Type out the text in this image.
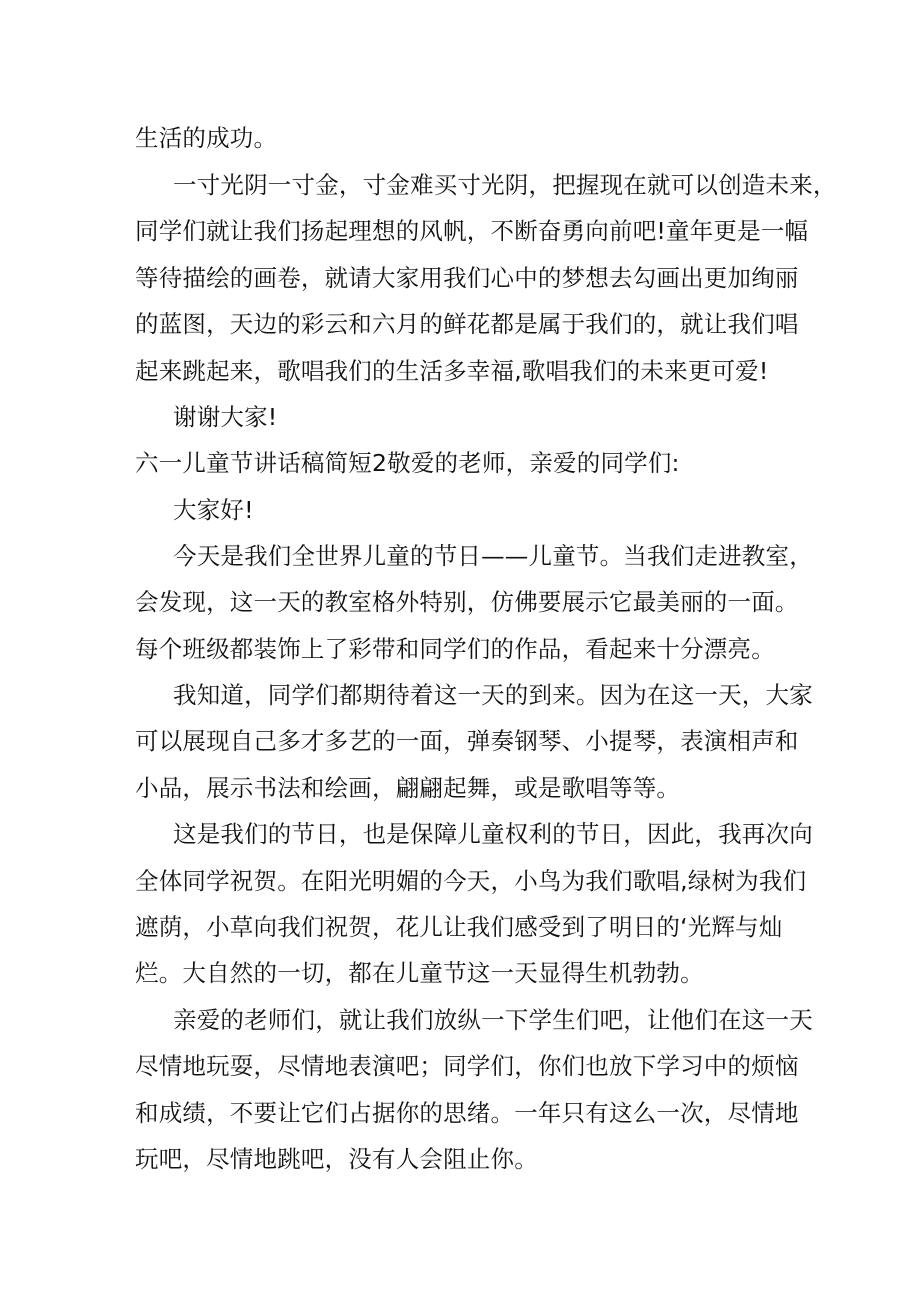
生活的成功。
一寸光阴一寸金，寸金难买寸光阴，把握现在就可以创造未来，
同学们就让我们扬起理想的风帆，不断奋勇向前吧!童年更是一幅
等待描绘的画卷，就请大家用我们心中的梦想去勾画出更加绚丽
的蓝图，天边的彩云和六月的鲜花都是属于我们的，就让我们唱
起来跳起来，歌唱我们的生活多幸福,歌唱我们的未来更可爱!
谢谢大家!
六一儿童节讲话稿简短2敬爱的老师，亲爱的同学们:
大家好!
今天是我们全世界儿童的节日——儿童节。当我们走进教室，
会发现，这一天的教室格外特别，仿佛要展示它最美丽的一面。
每个班级都装饰上了彩带和同学们的作品，看起来十分漂亮。
我知道，同学们都期待着这一天的到来。因为在这一天，大家
可以展现自己多才多艺的一面，弹奏钢琴、小提琴，表演相声和
小品，展示书法和绘画，翩翩起舞，或是歌唱等等。
这是我们的节日，也是保障儿童权利的节日，因此，我再次向
全体同学祝贺。在阳光明媚的今天，小鸟为我们歌唱,绿树为我们
遮荫，小草向我们祝贺，花儿让我们感受到了明日的‘光辉与灿
烂。大自然的一切，都在儿童节这一天显得生机勃勃。
亲爱的老师们，就让我们放纵一下学生们吧，让他们在这一天
尽情地玩耍，尽情地表演吧；同学们，你们也放下学习中的烦恼
和成绩，不要让它们占据你的思绪。一年只有这么一次，尽情地
玩吧，尽情地跳吧，没有人会阻止你。
